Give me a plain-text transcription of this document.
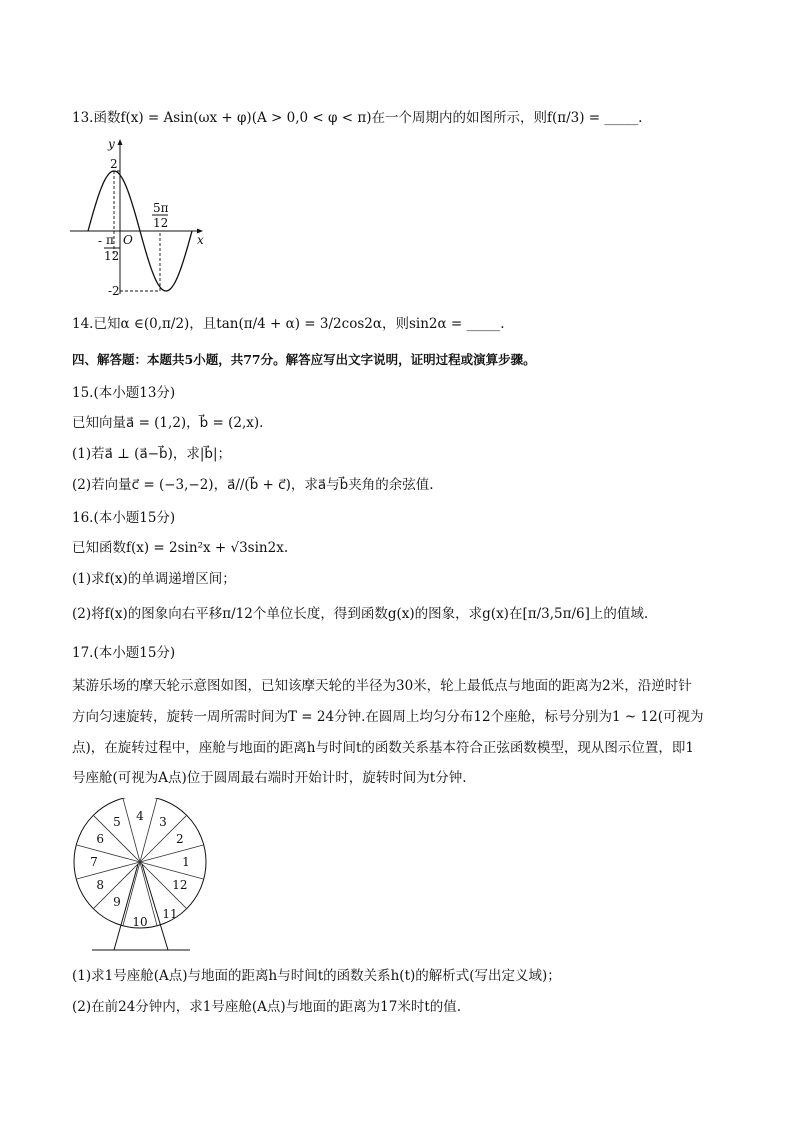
13.函数f(x) = Asin(ωx + φ)(A > 0,0 < φ < π)在一个周期内的如图所示，则f(π/3) = _____.
y
x
O
2
-2
- π
12
5π
12
14.已知α ∈(0,π/2)，且tan(π/4 + α) = 3/2cos2α，则sin2α = _____.
四、解答题：本题共5小题，共77分。解答应写出文字说明，证明过程或演算步骤。
15.(本小题13分)
已知向量a⃗ = (1,2)，b⃗ = (2,x).
(1)若a⃗ ⊥ (a⃗−b⃗)，求|b⃗|；
(2)若向量c⃗ = (−3,−2)，a⃗//(b⃗ + c⃗)，求a⃗与b⃗夹角的余弦值.
16.(本小题15分)
已知函数f(x) = 2sin²x + √3sin2x.
(1)求f(x)的单调递增区间；
(2)将f(x)的图象向右平移π/12个单位长度，得到函数g(x)的图象，求g(x)在[π/3,5π/6]上的值域.
17.(本小题15分)
某游乐场的摩天轮示意图如图，已知该摩天轮的半径为30米，轮上最低点与地面的距离为2米，沿逆时针
方向匀速旋转，旋转一周所需时间为T = 24分钟.在圆周上均匀分布12个座舱，标号分别为1 ~ 12(可视为
点)，在旋转过程中，座舱与地面的距离h与时间t的函数关系基本符合正弦函数模型，现从图示位置，即1
号座舱(可视为A点)位于圆周最右端时开始计时，旋转时间为t分钟.
1
2
3
4
5
6
7
8
9
10
11
12
(1)求1号座舱(A点)与地面的距离h与时间t的函数关系h(t)的解析式(写出定义域)；
(2)在前24分钟内，求1号座舱(A点)与地面的距离为17米时t的值.
